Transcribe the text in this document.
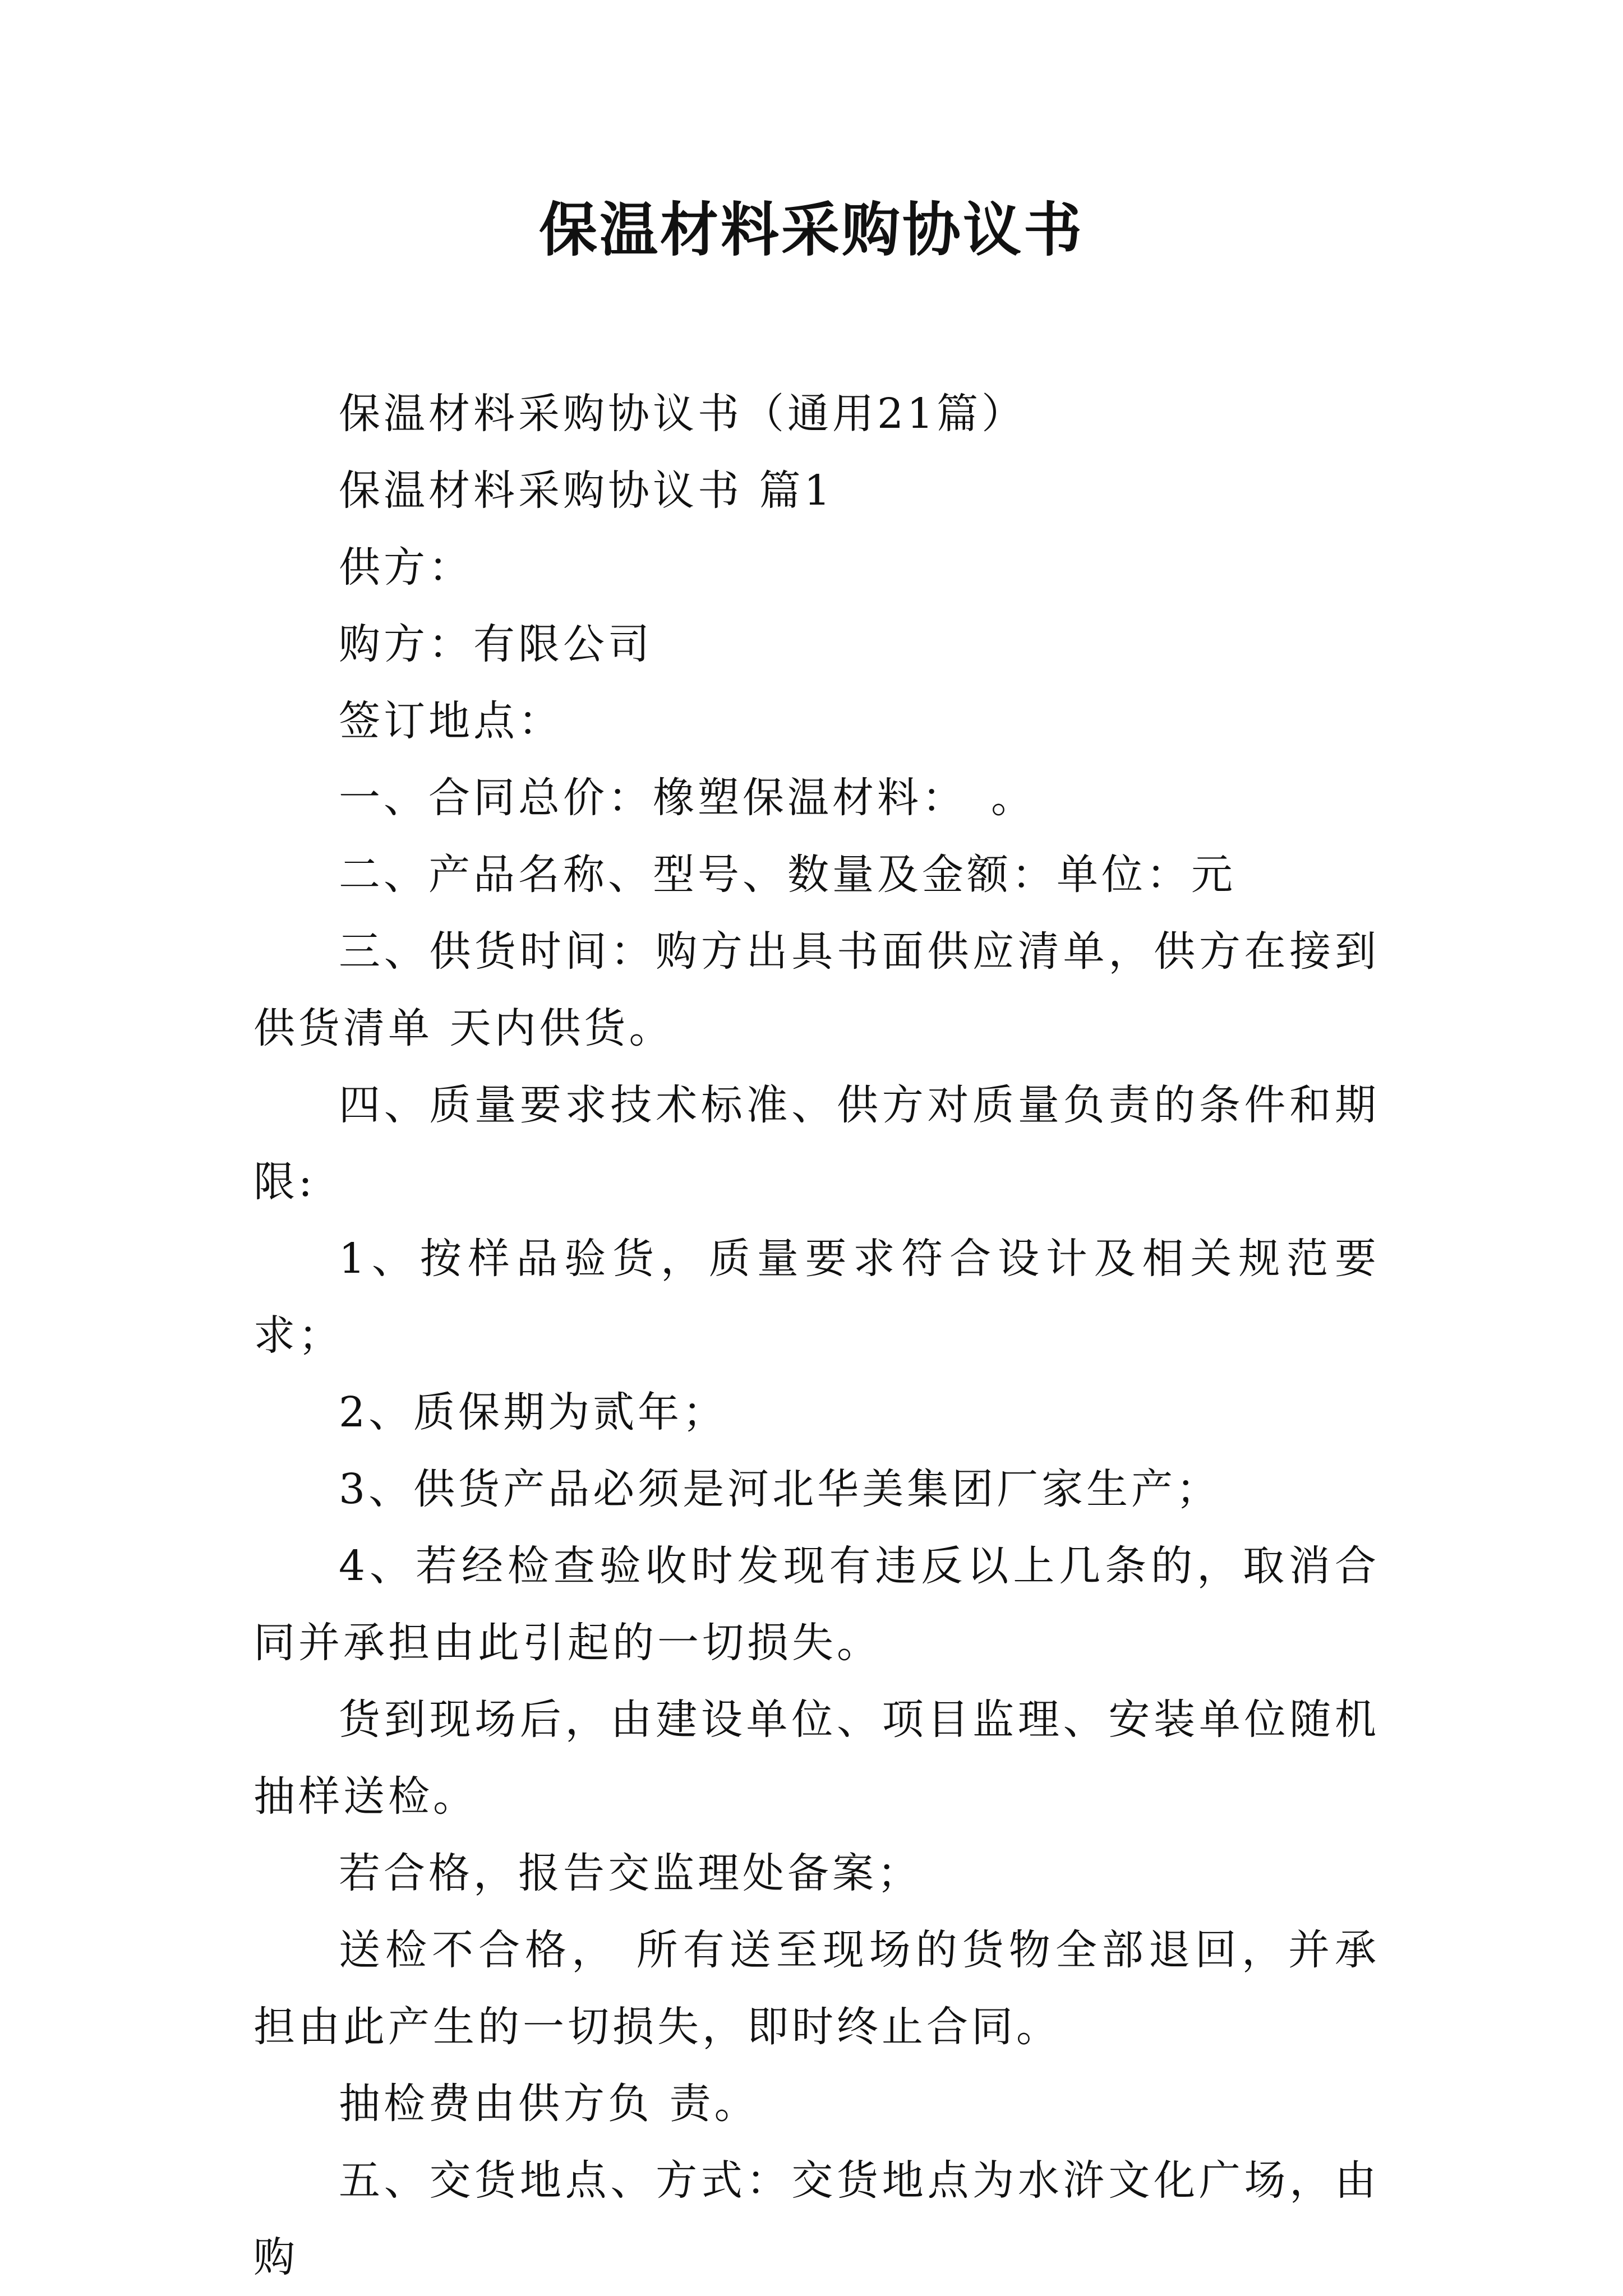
保温材料采购协议书

保温材料采购协议书（通用21篇）

保温材料采购协议书 篇1

供方：

购方：有限公司

签订地点：

一、合同总价：橡塑保温材料：　。

二、产品名称、型号、数量及金额：单位：元

三、供货时间：购方出具书面供应清单，供方在接到供货清单 天内供货。

四、质量要求技术标准、供方对质量负责的条件和期限:

1、按样品验货，质量要求符合设计及相关规范要求；

2、质保期为贰年；

3、供货产品必须是河北华美集团厂家生产；

4、若经检查验收时发现有违反以上几条的，取消合同并承担由此引起的一切损失。

货到现场后，由建设单位、项目监理、安装单位随机抽样送检。

若合格，报告交监理处备案；

送检不合格， 所有送至现场的货物全部退回，并承担由此产生的一切损失，即时终止合同。

抽检费由供方负 责。

五、交货地点、方式：交货地点为水浒文化广场，由购
